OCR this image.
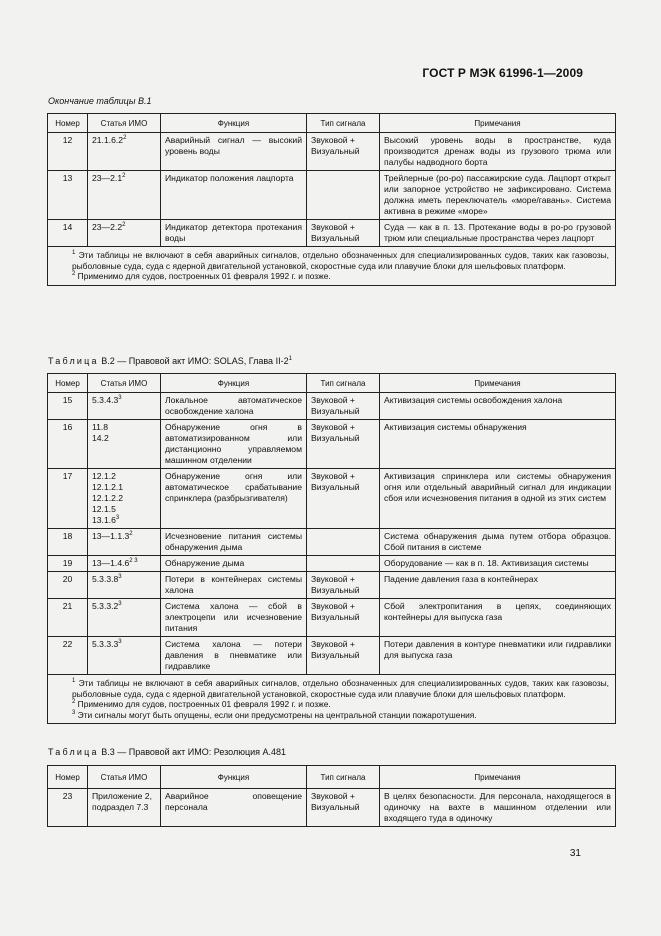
ГОСТ Р МЭК 61996-1—2009
Окончание таблицы В.1
Номер	Статья ИМО	Функция	Тип сигнала	Примечания
12	21.1.6.2$^2$	Аварийный сигнал — высокий уровень воды	Звуковой + Визуальный	Высокий уровень воды в пространстве, куда производится дренаж воды из грузового трюма или палубы надводного борта
13	$23—2.1^2$	Индикатор положения лацпорта		Трейлерные (ро-ро) пассажирские суда. Лацпорт открыт или запорное устройство не зафиксировано. Система должна иметь переключатель «море/гавань». Система активна в режиме «море»
14	$23—2.2^2$	Индикатор детектора протекания воды	Звуковой + Визуальный	Суда — как в п. 13. Протекание воды в ро-ро грузовой трюм или специальные пространства через лацпорт

$^1$ Эти таблицы не включают в себя аварийных сигналов, отдельно обозначенных для специализированных судов, таких как газовозы, рыболовные суда, суда с ядерной двигательной установкой, скоростные суда или плавучие блоки для шельфовых платформ.

$^2$ Применимо для судов, построенных 01 февраля 1992 г. и позже.				

Таблица В.2 — Правовой акт ИМО: SOLAS, Глава $II-2^1$
Номер	Статья ИМО	Функция	Тип сигнала	Примечания
15	5.3.4.3$^3$	Локальное автоматическое освобождение халона	Звуковой + Визуальный	Активизация системы освобождения халона
16	11.8
14.2	Обнаружение огня в автоматизированном или дистанционно управляемом машинном отделении	Звуковой + Визуальный	Активизация системы обнаружения
17	12.1.2
12.1.2.1
12.1.2.2
12.1.5
13.1.6$^3$	Обнаружение огня или автоматическое срабатывание спринклера (разбрызгивателя)	Звуковой + Визуальный	Активизация спринклера или системы обнаружения огня или отдельный аварийный сигнал для индикации сбоя или исчезновения питания в одной из этих систем
18	13—1.1.3$^2$	Исчезновение питания системы обнаружения дыма		Система обнаружения дыма путем отбора образцов. Сбой питания в системе
19	$13—1.4.6^{2 3}$	Обнаружение дыма		Оборудование — как в п. 18. Активизация системы
20	5.3.3.8$^3$	Потери в контейнерах системы халона	Звуковой + Визуальный	Падение давления газа в контейнерах
21	5.3.3.2$^3$	Система халона — сбой в электроцепи или исчезновение питания	Звуковой + Визуальный	Сбой электропитания в цепях, соединяющих контейнеры для выпуска газа
22	5.3.3.3$^3$	Система халона — потери давления в пневматике или гидравлике	Звуковой + Визуальный	Потери давления в контуре пневматики или гидравлики для выпуска газа

$^1$ Эти таблицы не включают в себя аварийных сигналов, отдельно обозначенных для специализированных судов, таких как газовозы, рыболовные суда, суда с ядерной двигательной установкой, скоростные суда или плавучие блоки для шельфовых платформ.

$^2$ Применимо для судов, построенных 01 февраля 1992 г. и позже.

$^3$ Эти сигналы могут быть опущены, если они предусмотрены на центральной станции пожаротушения.				

Таблица В.3 — Правовой акт ИМО: Резолюция А.481
Номер	Статья ИМО	Функция	Тип сигнала	Примечания
23	Приложение 2, подраздел 7.3	Аварийное оповещение персонала	Звуковой + Визуальный	В целях безопасности. Для персонала, находящегося в одиночку на вахте в машинном отделении или входящего туда в одиночку
31
